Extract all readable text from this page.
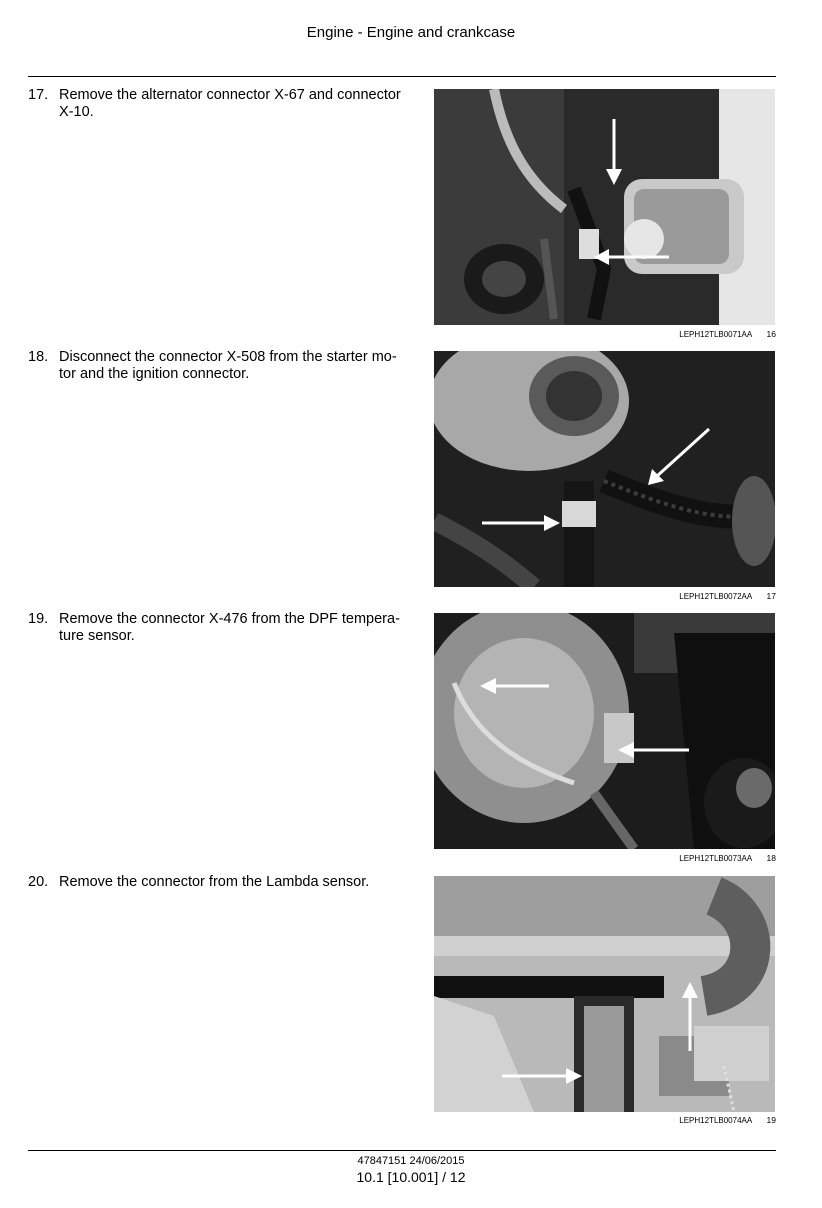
Engine - Engine and crankcase
17. Remove the alternator connector X-67 and connector X-10.
LEPH12TLB0071AA 16
18. Disconnect the connector X-508 from the starter mo-tor and the ignition connector.
LEPH12TLB0072AA 17
19. Remove the connector X-476 from the DPF tempera-ture sensor.
LEPH12TLB0073AA 18
20. Remove the connector from the Lambda sensor.
LEPH12TLB0074AA 19
47847151 24/06/2015
10.1 [10.001] / 12
